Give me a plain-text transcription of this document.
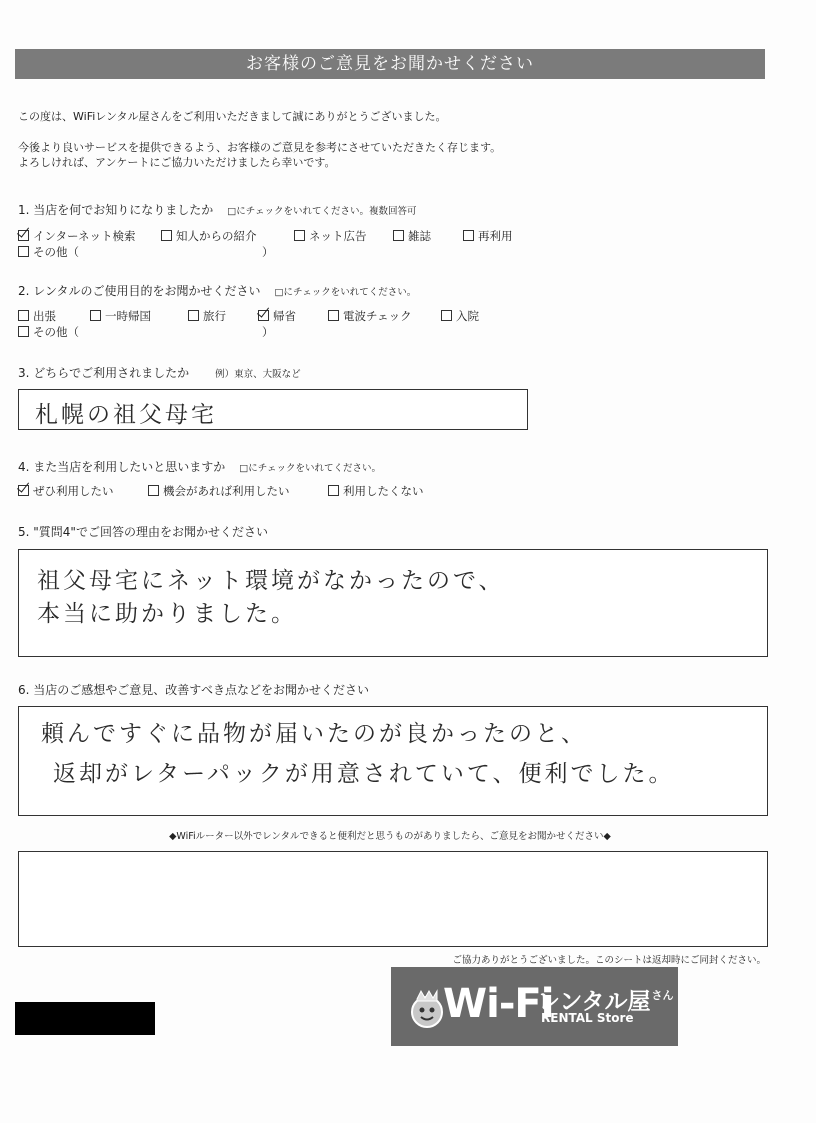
お客様のご意見をお聞かせください
この度は、WiFiレンタル屋さんをご利用いただきまして誠にありがとうございました。
今後より良いサービスを提供できるよう、お客様のご意見を参考にさせていただきたく存じます。
よろしければ、アンケートにご協力いただけましたら幸いです。
1. 当店を何でお知りになりましたか □にチェックをいれてください。複数回答可
インターネット検索	知人からの紹介	ネット広告	雑誌	再利用
その他（	）
2. レンタルのご使用目的をお聞かせください □にチェックをいれてください。
出張	一時帰国	旅行	帰省	電波チェック	入院
その他（	）
3. どちらでご利用されましたか	例）東京、大阪など
札幌の祖父母宅
4. また当店を利用したいと思いますか □にチェックをいれてください。
ぜひ利用したい	機会があれば利用したい	利用したくない
5. "質問4"でご回答の理由をお聞かせください
祖父母宅にネット環境がなかったので、
本当に助かりました。
6. 当店のご感想やご意見、改善すべき点などをお聞かせください
頼んですぐに品物が届いたのが良かったのと、
返却がレターパックが用意されていて、便利でした。
◆WiFiルーター以外でレンタルできると便利だと思うものがありましたら、ご意見をお聞かせください◆
ご協力ありがとうございました。このシートは返却時にご同封ください。
Wi-Fi
レンタル屋$^{さん}$
RENTAL Store
